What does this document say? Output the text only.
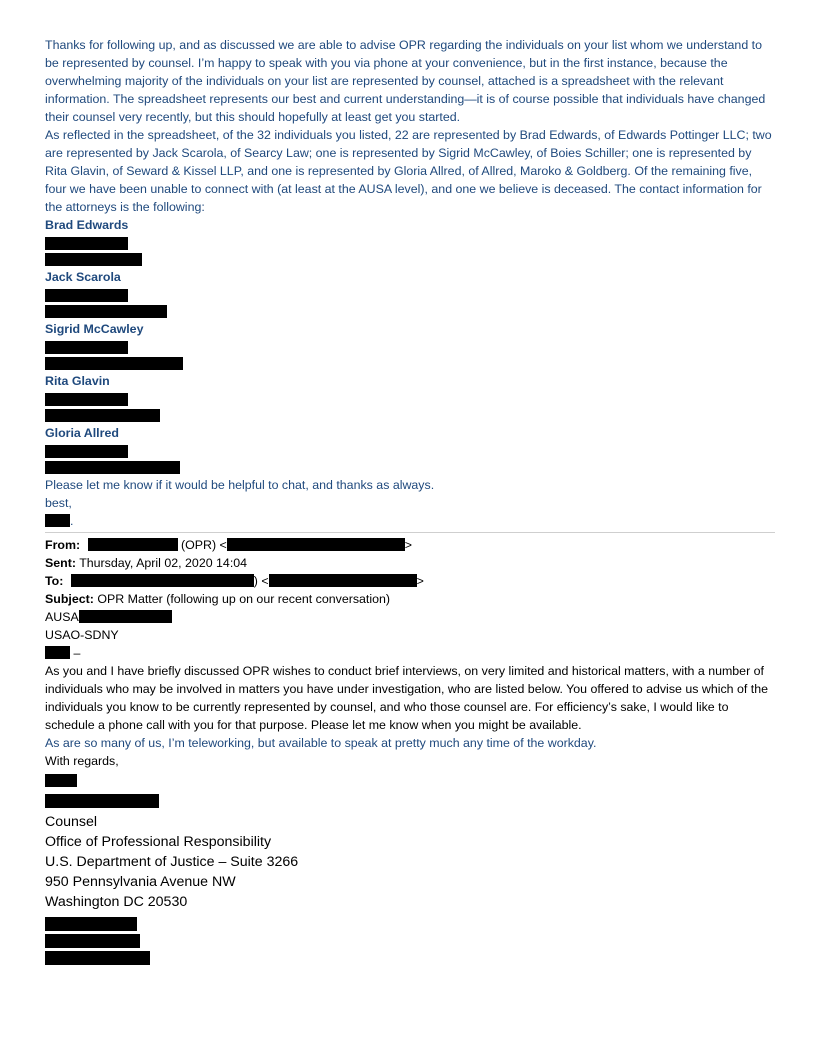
Thanks for following up, and as discussed we are able to advise OPR regarding the individuals on your list whom we understand to be represented by counsel. I’m happy to speak with you via phone at your convenience, but in the first instance, because the overwhelming majority of the individuals on your list are represented by counsel, attached is a spreadsheet with the relevant information. The spreadsheet represents our best and current understanding—it is of course possible that individuals have changed their counsel very recently, but this should hopefully at least get you started.

As reflected in the spreadsheet, of the 32 individuals you listed, 22 are represented by Brad Edwards, of Edwards Pottinger LLC; two are represented by Jack Scarola, of Searcy Law; one is represented by Sigrid McCawley, of Boies Schiller; one is represented by Rita Glavin, of Seward & Kissel LLP, and one is represented by Gloria Allred, of Allred, Maroko & Goldberg. Of the remaining five, four we have been unable to connect with (at least at the AUSA level), and one we believe is deceased. The contact information for the attorneys is the following:

Brad Edwards

Jack Scarola

Sigrid McCawley

Rita Glavin

Gloria Allred

Please let me know if it would be helpful to chat, and thanks as always.

best,

.

From:	(OPR) <	>

Sent: Thursday, April 02, 2020 14:04

To:	) <	>

Subject: OPR Matter (following up on our recent conversation)

AUSA

USAO-SDNY

–

As you and I have briefly discussed OPR wishes to conduct brief interviews, on very limited and historical matters, with a number of individuals who may be involved in matters you have under investigation, who are listed below. You offered to advise us which of the individuals you know to be currently represented by counsel, and who those counsel are. For efficiency’s sake, I would like to schedule a phone call with you for that purpose. Please let me know when you might be available.

As are so many of us, I’m teleworking, but available to speak at pretty much any time of the workday.

With regards,

Counsel

Office of Professional Responsibility

U.S. Department of Justice – Suite 3266

950 Pennsylvania Avenue NW

Washington DC 20530
